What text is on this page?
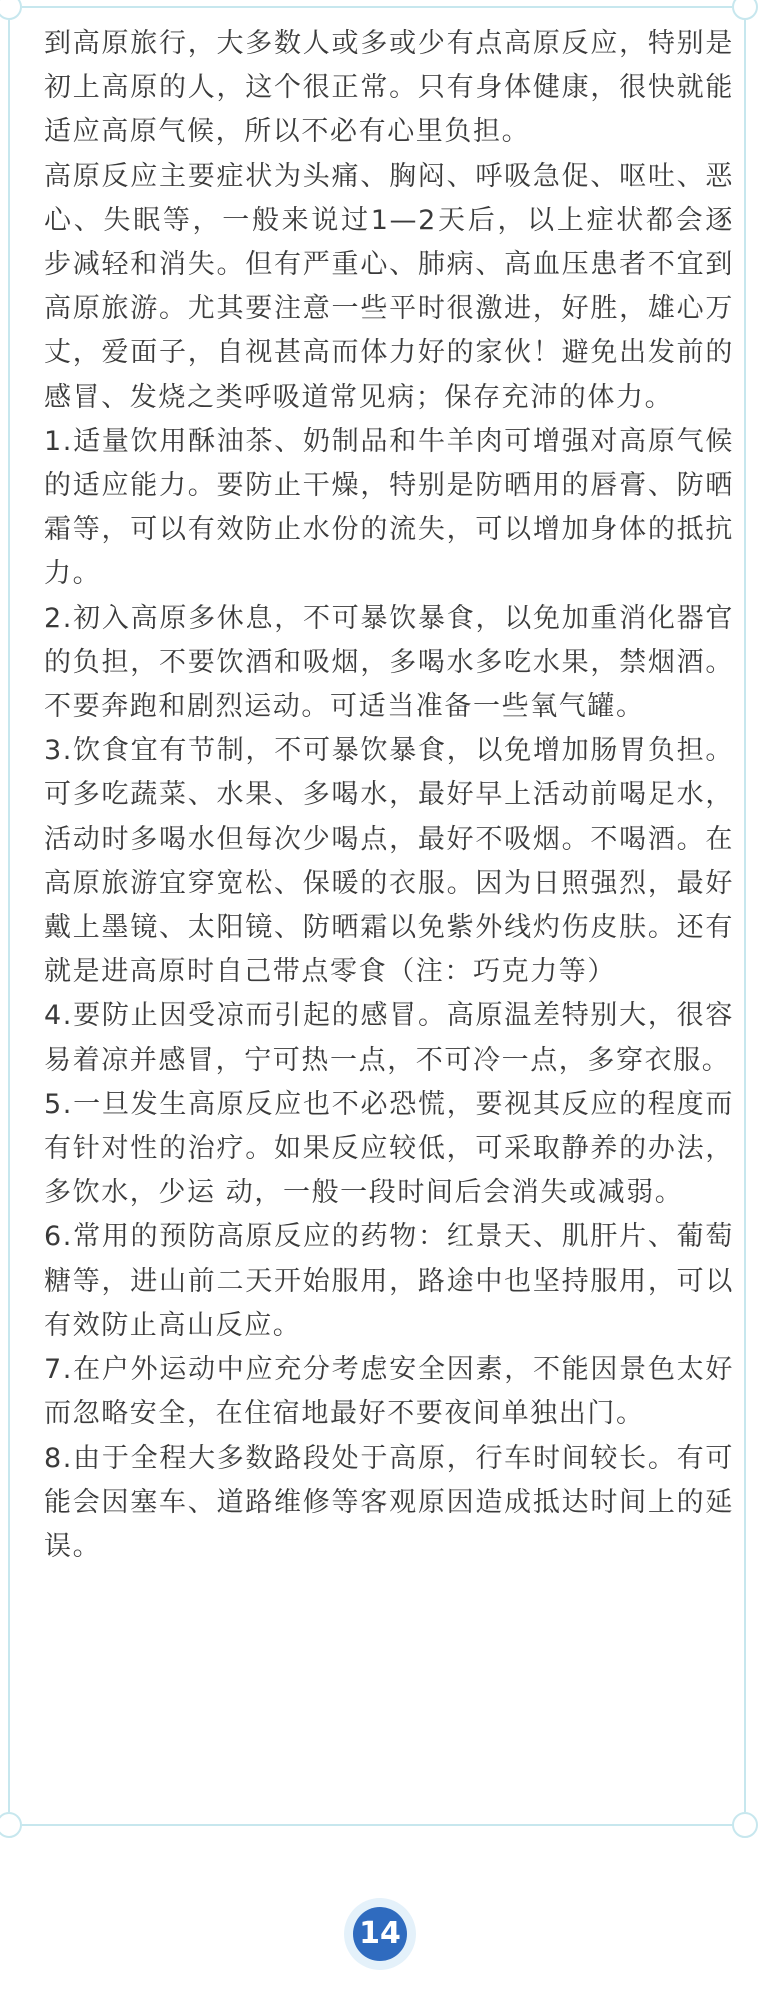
到高原旅行，大多数人或多或少有点高原反应，特别是初上高原的人，这个很正常。只有身体健康，很快就能 适应高原气候，所以不必有心里负担。

高原反应主要症状为头痛、胸闷、呼吸急促、呕吐、恶心、失眠等，一般来说过1—2天后，以上症状都会逐步减轻和消失。但有严重心、肺病、高血压患者不宜到高原旅游。尤其要注意一些平时很激进，好胜，雄心万丈，爱面子，自视甚高而体力好的家伙！避免出发前的感冒、发烧之类呼吸道常见病；保存充沛的体力。

1.适量饮用酥油茶、奶制品和牛羊肉可增强对高原气候的适应能力。要防止干燥，特别是防晒用的唇膏、防晒霜等，可以有效防止水份的流失，可以增加身体的抵抗力。

2.初入高原多休息，不可暴饮暴食，以免加重消化器官的负担，不要饮酒和吸烟，多喝水多吃水果，禁烟酒。不要奔跑和剧烈运动。可适当准备一些氧气罐。

3.饮食宜有节制，不可暴饮暴食，以免增加肠胃负担。可多吃蔬菜、水果、多喝水，最好早上活动前喝足水，活动时多喝水但每次少喝点，最好不吸烟。不喝酒。在高原旅游宜穿宽松、保暖的衣服。因为日照强烈，最好戴上墨镜、太阳镜、防晒霜以免紫外线灼伤皮肤。还有就是进高原时自己带点零食（注：巧克力等）

4.要防止因受凉而引起的感冒。高原温差特别大，很容易着凉并感冒，宁可热一点，不可冷一点，多穿衣服。

5.一旦发生高原反应也不必恐慌，要视其反应的程度而有针对性的治疗。如果反应较低，可采取静养的办法，多饮水，少运 动，一般一段时间后会消失或减弱。

6.常用的预防高原反应的药物：红景天、肌肝片、葡萄糖等，进山前二天开始服用，路途中也坚持服用，可以有效防止高山反应。

7.在户外运动中应充分考虑安全因素，不能因景色太好而忽略安全，在住宿地最好不要夜间单独出门。

8.由于全程大多数路段处于高原，行车时间较长。有可能会因塞车、道路维修等客观原因造成抵达时间上的延误。

14
